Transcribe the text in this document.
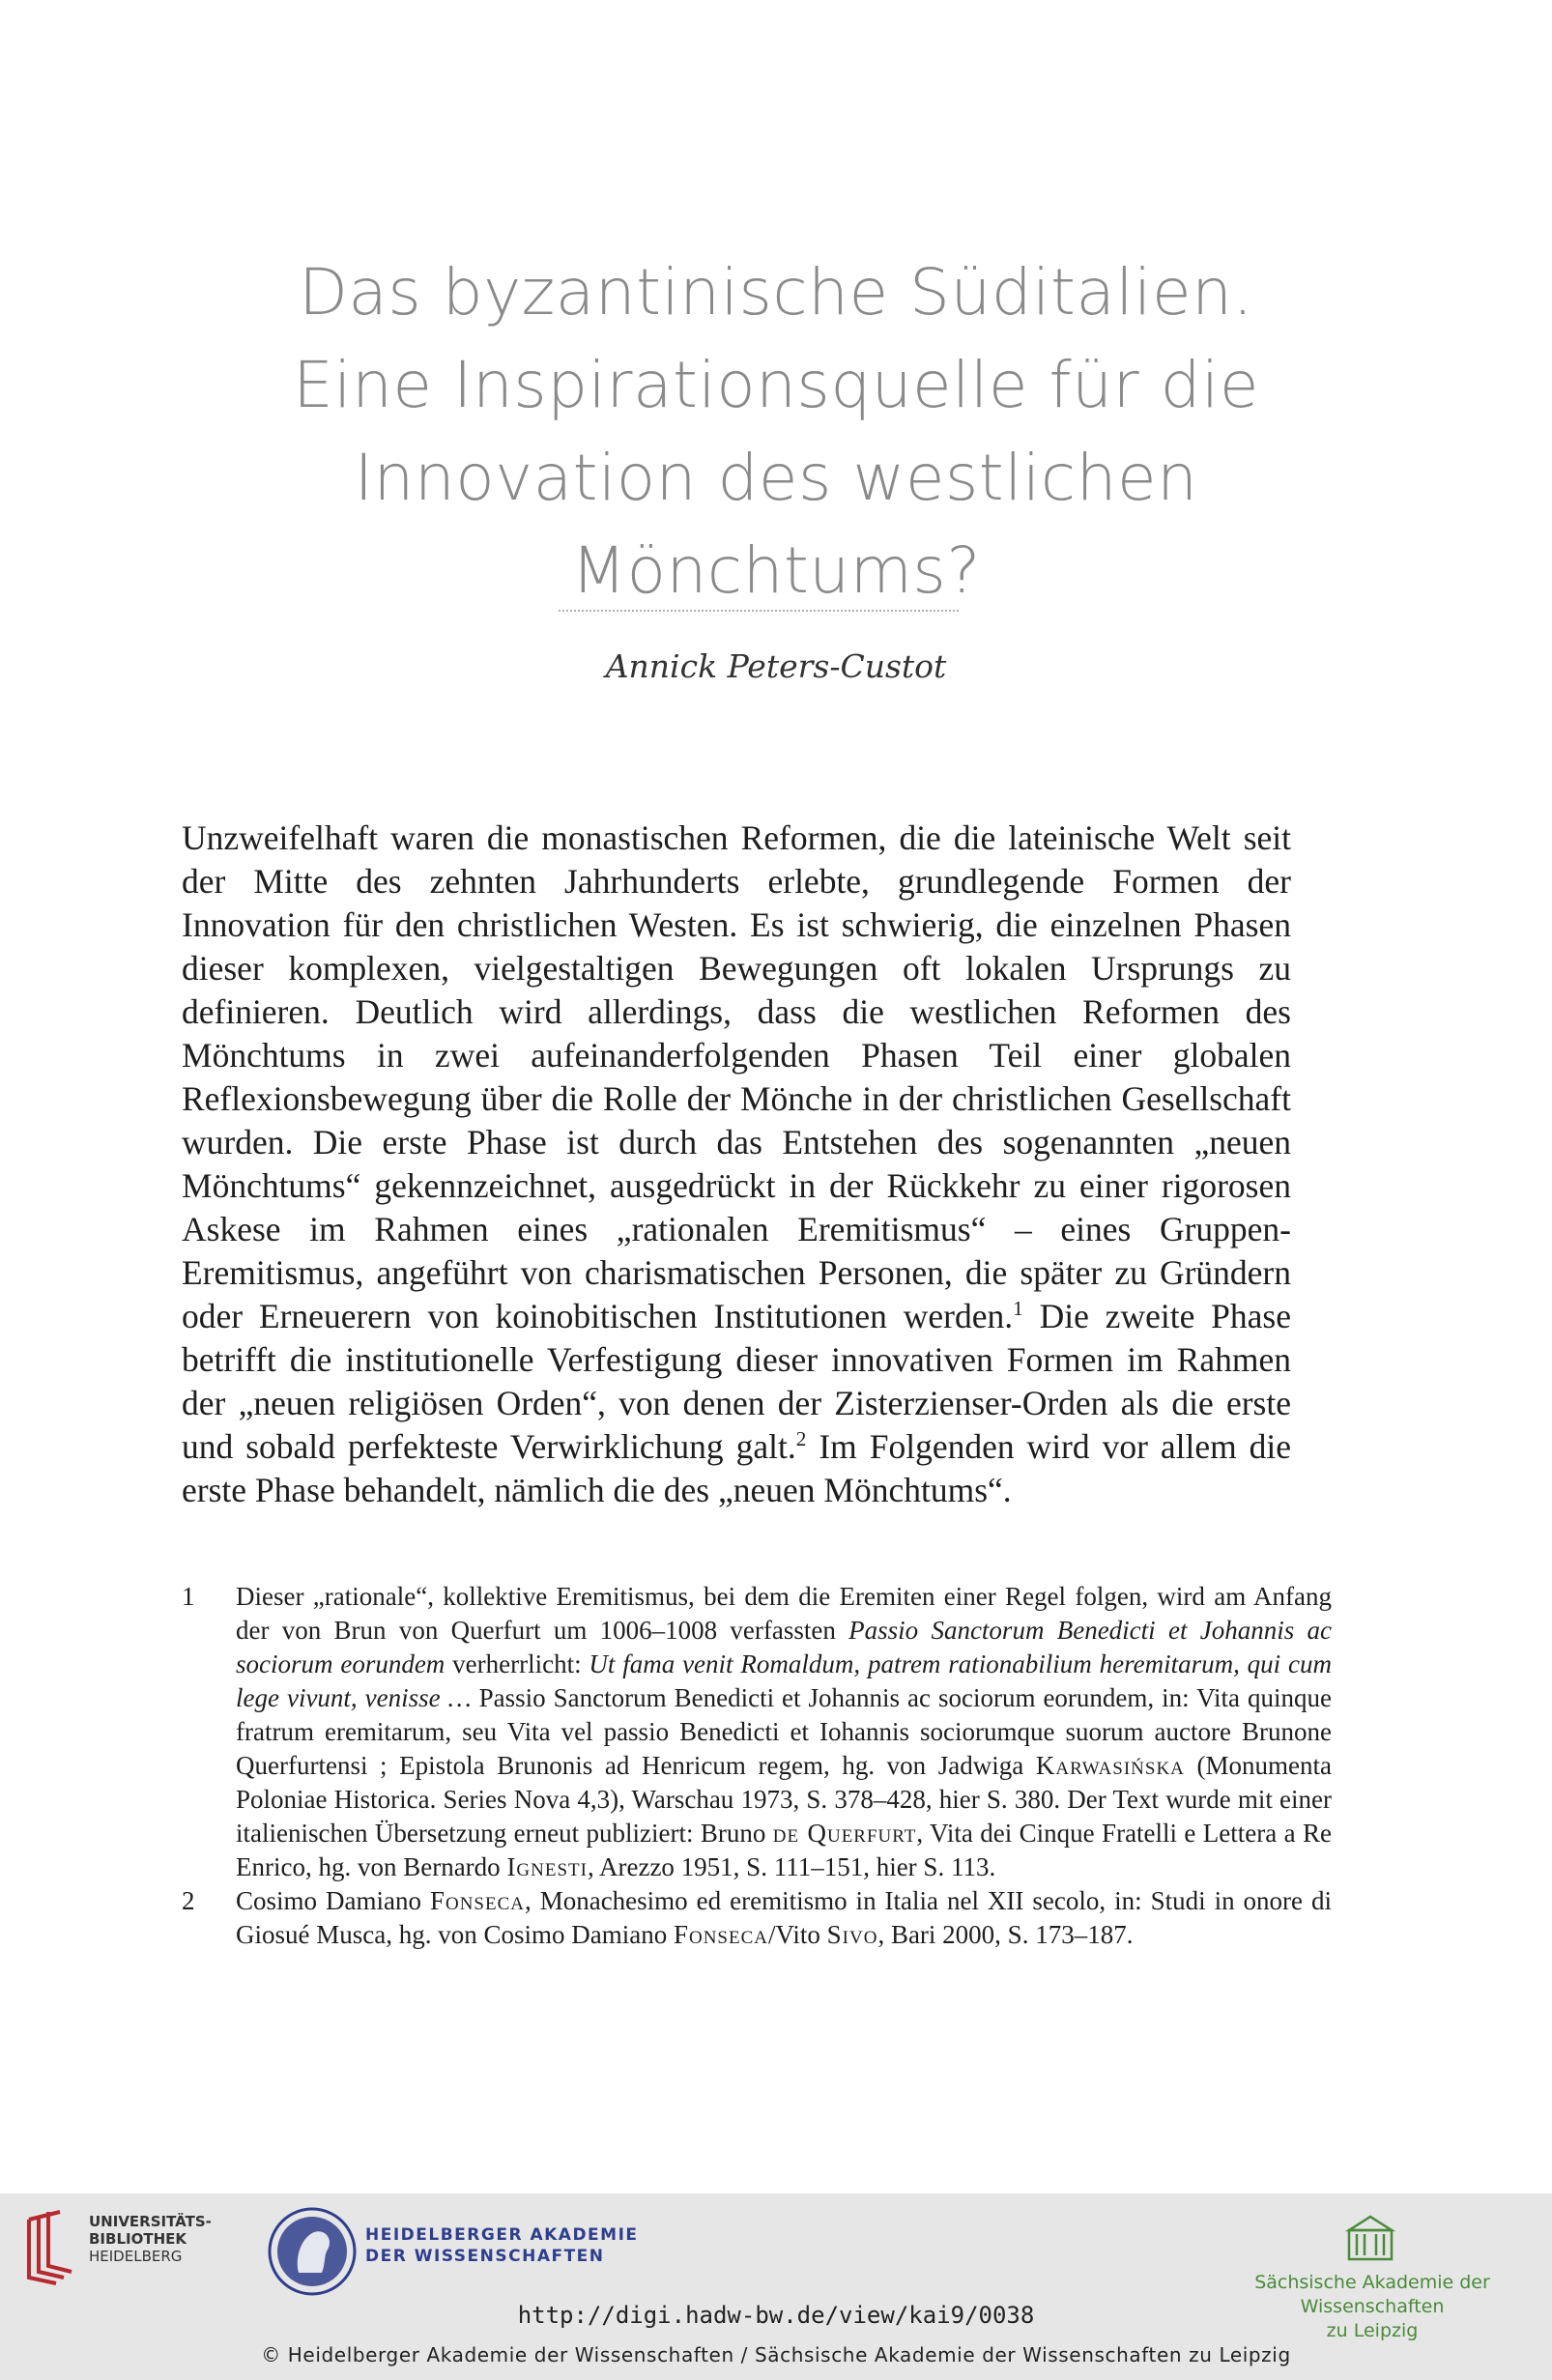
Das byzantinische Süditalien.
Eine Inspirationsquelle für die
Innovation des westlichen
Mönchtums?
Annick Peters-Custot

Unzweifelhaft waren die monastischen Reformen, die die lateinische Welt seit der Mitte des zehnten Jahrhunderts erlebte, grundlegende Formen der Innovation für den christlichen Westen. Es ist schwierig, die einzelnen Phasen dieser komplexen, vielgestaltigen Bewegungen oft lokalen Ursprungs zu definieren. Deutlich wird allerdings, dass die westlichen Reformen des Mönchtums in zwei aufeinanderfolgenden Phasen Teil einer globalen Reflexionsbewegung über die Rolle der Mönche in der christlichen Gesellschaft wurden. Die erste Phase ist durch das Entstehen des sogenannten „neuen Mönchtums“ gekennzeichnet, ausgedrückt in der Rückkehr zu einer rigorosen Askese im Rahmen eines „rationalen Eremitismus“ – eines Gruppen-Eremitismus, angeführt von charismatischen Personen, die später zu Gründern oder Erneuerern von koinobitischen Institutionen werden.$^1$ Die zweite Phase betrifft die institutionelle Verfestigung dieser innovativen Formen im Rahmen der „neuen religiösen Orden“, von denen der Zisterzienser-Orden als die erste und sobald perfekteste Verwirklichung galt.$^2$ Im Folgenden wird vor allem die erste Phase behandelt, nämlich die des „neuen Mönchtums“.

1	Dieser „rationale“, kollektive Eremitismus, bei dem die Eremiten einer Regel folgen, wird am Anfang der von Brun von Querfurt um 1006–1008 verfassten Passio Sanctorum Benedicti et Johannis ac sociorum eorundem verherrlicht: Ut fama venit Romaldum, patrem rationabilium heremitarum, qui cum lege vivunt, venisse … Passio Sanctorum Benedicti et Johannis ac sociorum eorundem, in: Vita quinque fratrum eremitarum, seu Vita vel passio Benedicti et Iohannis sociorumque suorum auctore Brunone Querfurtensi ; Epistola Brunonis ad Henricum regem, hg. von Jadwiga Karwasińska (Monumenta Poloniae Historica. Series Nova 4,3), Warschau 1973, S. 378–428, hier S. 380. Der Text wurde mit einer italienischen Übersetzung erneut publiziert: Bruno de Querfurt, Vita dei Cinque Fratelli e Lettera a Re Enrico, hg. von Bernardo Ignesti, Arezzo 1951, S. 111–151, hier S. 113.
2	Cosimo Damiano Fonseca, Monachesimo ed eremitismo in Italia nel XII secolo, in: Studi in onore di Giosué Musca, hg. von Cosimo Damiano Fonseca/Vito Sivo, Bari 2000, S. 173–187.
UNIVERSITÄTS-
BIBLIOTHEK
HEIDELBERG
HEIDELBERGER AKADEMIE
DER WISSENSCHAFTEN
Sächsische Akademie der Wissenschaften
zu Leipzig
http://digi.hadw-bw.de/view/kai9/0038
© Heidelberger Akademie der Wissenschaften / Sächsische Akademie der Wissenschaften zu Leipzig
